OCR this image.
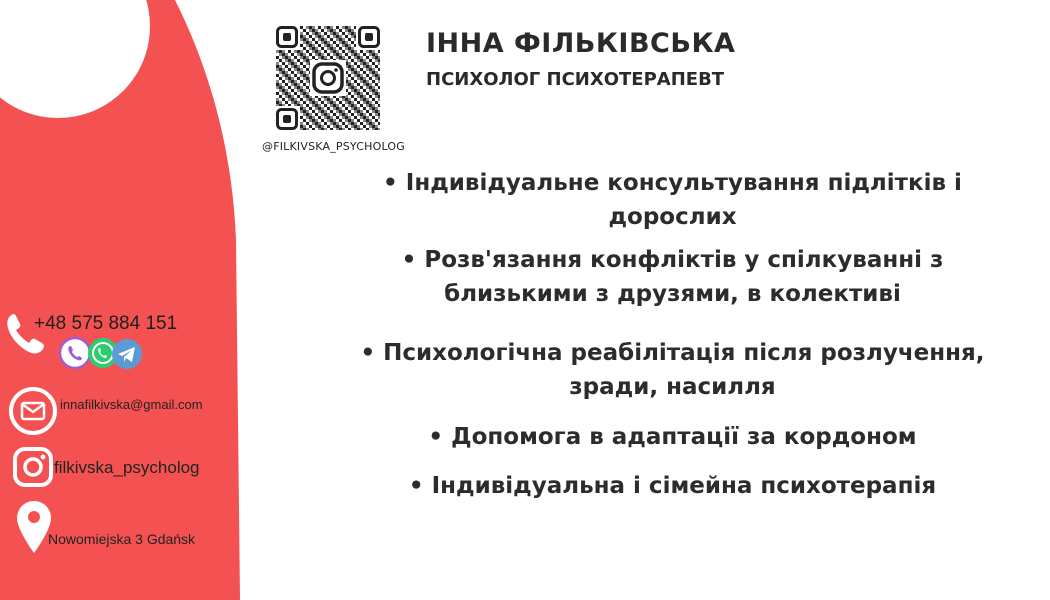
+48 575 884 151
innafilkivska@gmail.com
filkivska_psycholog
Nowomiejska 3 Gdańsk
@FILKIVSKA_PSYCHOLOG
ІННА ФІЛЬКІВСЬКА
ПСИХОЛОГ ПСИХОТЕРАПЕВТ
• Індивідуальне консультування підлітків і дорослих
• Розв'язання конфліктів у спілкуванні з близькими з друзями, в колективі
• Психологічна реабілітація після розлучення, зради, насилля
• Допомога в адаптації за кордоном
• Індивідуальна і сімейна психотерапія
